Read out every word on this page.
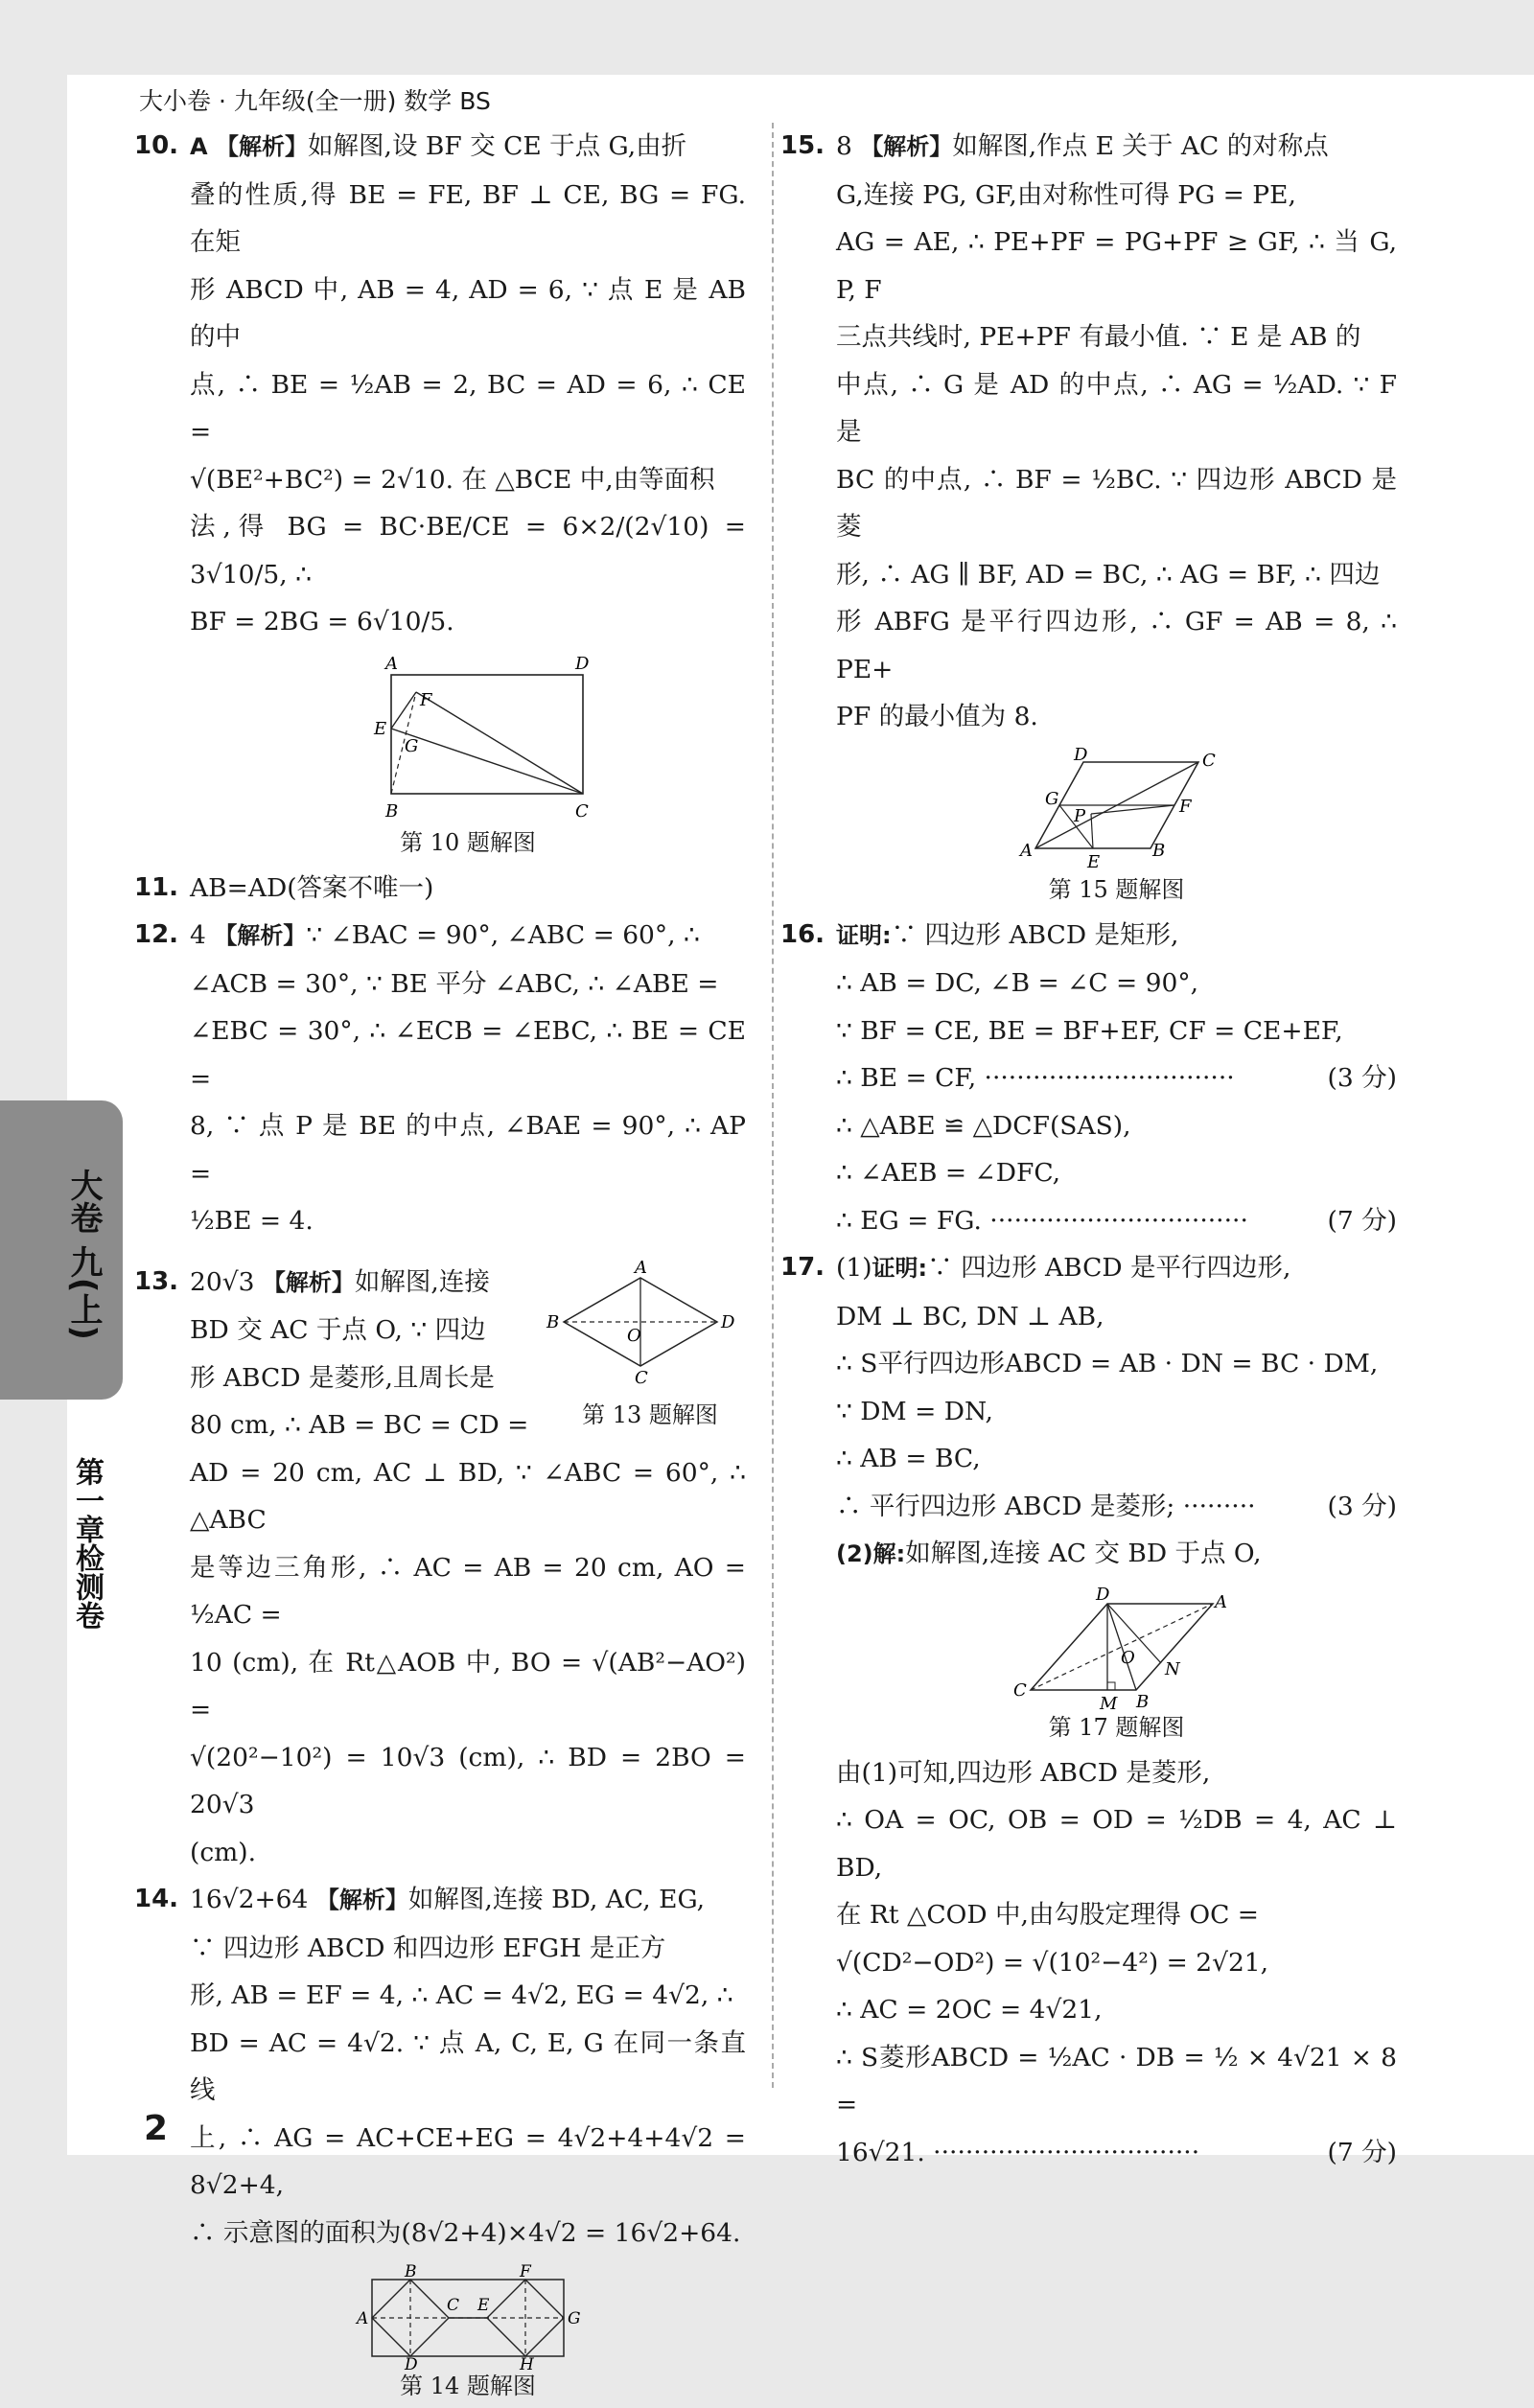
大小卷 · 九年级(全一册) 数学 BS
10. A 【解析】如解图,设 BF 交 CE 于点 G,由折

叠的性质,得 BE = FE, BF ⊥ CE, BG = FG. 在矩

形 ABCD 中, AB = 4, AD = 6, ∵ 点 E 是 AB 的中

点, ∴ BE = ½AB = 2, BC = AD = 6, ∴ CE =

√(BE²+BC²) = 2√10. 在 △BCE 中,由等面积

法,得 BG = BC·BE/CE = 6×2/(2√10) = 3√10/5, ∴

BF = 2BG = 6√10/5.

A	D
F
E
G
B	C
第 10 题解图
11. AB=AD(答案不唯一)

12. 4 【解析】∵ ∠BAC = 90°, ∠ABC = 60°, ∴

∠ACB = 30°, ∵ BE 平分 ∠ABC, ∴ ∠ABE =

∠EBC = 30°, ∴ ∠ECB = ∠EBC, ∴ BE = CE =

8, ∵ 点 P 是 BE 的中点, ∠BAE = 90°, ∴ AP =

½BE = 4.

13.	A
B	D
O
C
第 13 题解图

20√3 【解析】如解图,连接

BD 交 AC 于点 O, ∵ 四边

形 ABCD 是菱形,且周长是

80 cm, ∴ AB = BC = CD =

AD = 20 cm, AC ⊥ BD, ∵ ∠ABC = 60°, ∴ △ABC

是等边三角形, ∴ AC = AB = 20 cm, AO = ½AC =

10 (cm), 在 Rt△AOB 中, BO = √(AB²−AO²) =

√(20²−10²) = 10√3 (cm), ∴ BD = 2BO = 20√3

(cm).

14. 16√2+64 【解析】如解图,连接 BD, AC, EG,

∵ 四边形 ABCD 和四边形 EFGH 是正方

形, AB = EF = 4, ∴ AC = 4√2, EG = 4√2, ∴

BD = AC = 4√2. ∵ 点 A, C, E, G 在同一条直线

上, ∴ AG = AC+CE+EG = 4√2+4+4√2 = 8√2+4,

∴ 示意图的面积为(8√2+4)×4√2 = 16√2+64.

B	F
A
C E
G
D	H
第 14 题解图
15. 8 【解析】如解图,作点 E 关于 AC 的对称点

G,连接 PG, GF,由对称性可得 PG = PE,

AG = AE, ∴ PE+PF = PG+PF ≥ GF, ∴ 当 G, P, F

三点共线时, PE+PF 有最小值. ∵ E 是 AB 的

中点, ∴ G 是 AD 的中点, ∴ AG = ½AD. ∵ F 是

BC 的中点, ∴ BF = ½BC. ∵ 四边形 ABCD 是菱

形, ∴ AG ∥ BF, AD = BC, ∴ AG = BF, ∴ 四边

形 ABFG 是平行四边形, ∴ GF = AB = 8, ∴ PE+

PF 的最小值为 8.

D	C
G	F
P
A
E
B
第 15 题解图
16. 证明:∵ 四边形 ABCD 是矩形,

∴ AB = DC, ∠B = ∠C = 90°,

∵ BF = CE, BE = BF+EF, CF = CE+EF,

∴ BE = CF, ·······························	(3 分)

∴ △ABE ≌ △DCF(SAS),

∴ ∠AEB = ∠DFC,

∴ EG = FG. ································	(7 分)

17. (1)证明:∵ 四边形 ABCD 是平行四边形,

DM ⊥ BC, DN ⊥ AB,

∴ S平行四边形ABCD = AB · DN = BC · DM,

∵ DM = DN,

∴ AB = BC,

∴ 平行四边形 ABCD 是菱形; ·········	(3 分)

(2)解:如解图,连接 AC 交 BD 于点 O,

D	A
O
N
C
M B
第 17 题解图

由(1)可知,四边形 ABCD 是菱形,

∴ OA = OC, OB = OD = ½DB = 4, AC ⊥ BD,

在 Rt △COD 中,由勾股定理得 OC =

√(CD²−OD²) = √(10²−4²) = 2√21,

∴ AC = 2OC = 4√21,

∴ S菱形ABCD = ½AC · DB = ½ × 4√21 × 8 =

16√21. ·································	(7 分)

大卷 九(上)
第一章检测卷
2
